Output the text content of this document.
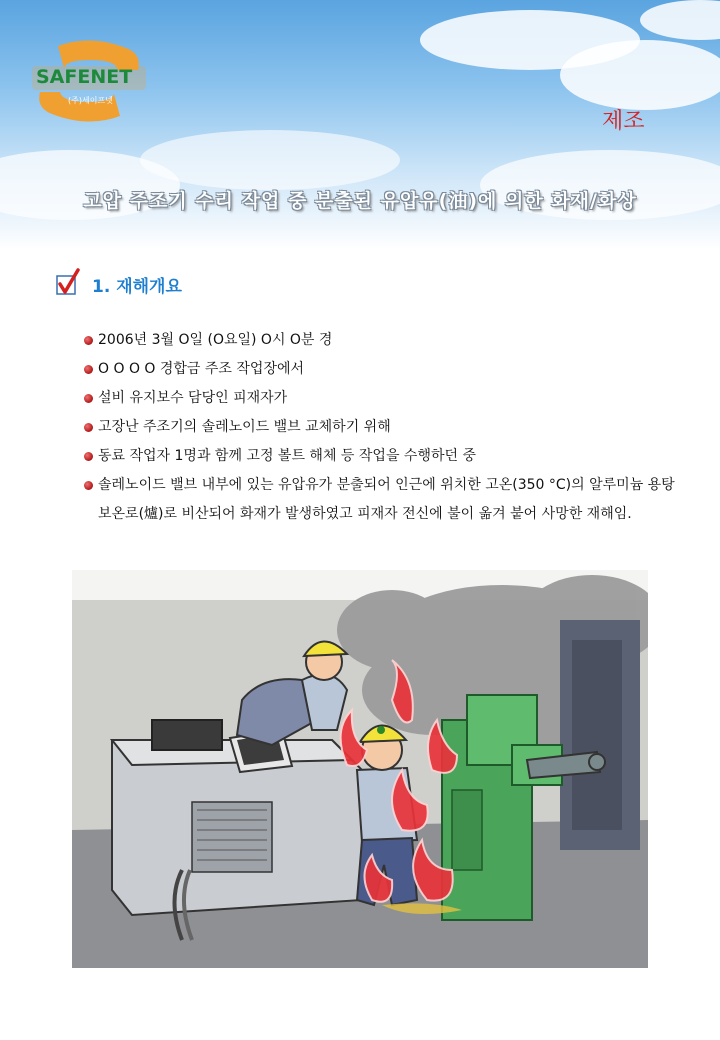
SAFENET
(주)세이프넷
제조
고압 주조기 수리 작업 중 분출된 유압유(油)에 의한 화재/화상
1. 재해개요
2006년 3월 O일 (O요일) O시 O분 경
O O O O 경합금 주조 작업장에서
설비 유지보수 담당인 피재자가
고장난 주조기의 솔레노이드 밸브 교체하기 위해
동료 작업자 1명과 함께 고정 볼트 해체 등 작업을 수행하던 중
솔레노이드 밸브 내부에 있는 유압유가 분출되어 인근에 위치한 고온(350 °C)의 알루미늄 용탕 보온로(爐)로 비산되어 화재가 발생하였고 피재자 전신에 불이 옮겨 붙어 사망한 재해임.
